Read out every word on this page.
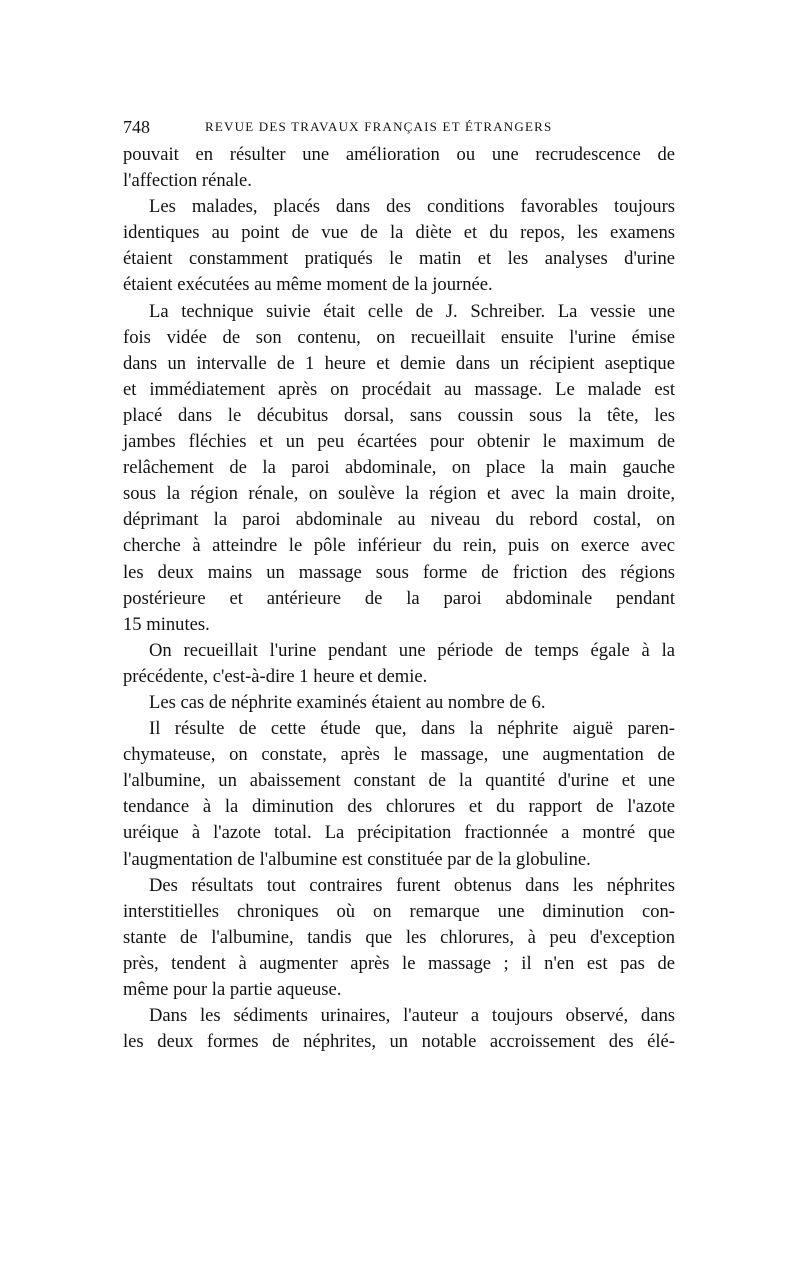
748	REVUE DES TRAVAUX FRANÇAIS ET ÉTRANGERS
pouvait en résulter une amélioration ou une recrudescence de
l'affection rénale.
Les malades, placés dans des conditions favorables toujours
identiques au point de vue de la diète et du repos, les examens
étaient constamment pratiqués le matin et les analyses d'urine
étaient exécutées au même moment de la journée.
La technique suivie était celle de J. Schreiber. La vessie une
fois vidée de son contenu, on recueillait ensuite l'urine émise
dans un intervalle de 1 heure et demie dans un récipient aseptique
et immédiatement après on procédait au massage. Le malade est
placé dans le décubitus dorsal, sans coussin sous la tête, les
jambes fléchies et un peu écartées pour obtenir le maximum de
relâchement de la paroi abdominale, on place la main gauche
sous la région rénale, on soulève la région et avec la main droite,
déprimant la paroi abdominale au niveau du rebord costal, on
cherche à atteindre le pôle inférieur du rein, puis on exerce avec
les deux mains un massage sous forme de friction des régions
postérieure et antérieure de la paroi abdominale pendant
15 minutes.
On recueillait l'urine pendant une période de temps égale à la
précédente, c'est-à-dire 1 heure et demie.
Les cas de néphrite examinés étaient au nombre de 6.
Il résulte de cette étude que, dans la néphrite aiguë paren-
chymateuse, on constate, après le massage, une augmentation de
l'albumine, un abaissement constant de la quantité d'urine et une
tendance à la diminution des chlorures et du rapport de l'azote
uréique à l'azote total. La précipitation fractionnée a montré que
l'augmentation de l'albumine est constituée par de la globuline.
Des résultats tout contraires furent obtenus dans les néphrites
interstitielles chroniques où on remarque une diminution con-
stante de l'albumine, tandis que les chlorures, à peu d'exception
près, tendent à augmenter après le massage ; il n'en est pas de
même pour la partie aqueuse.
Dans les sédiments urinaires, l'auteur a toujours observé, dans
les deux formes de néphrites, un notable accroissement des élé-
